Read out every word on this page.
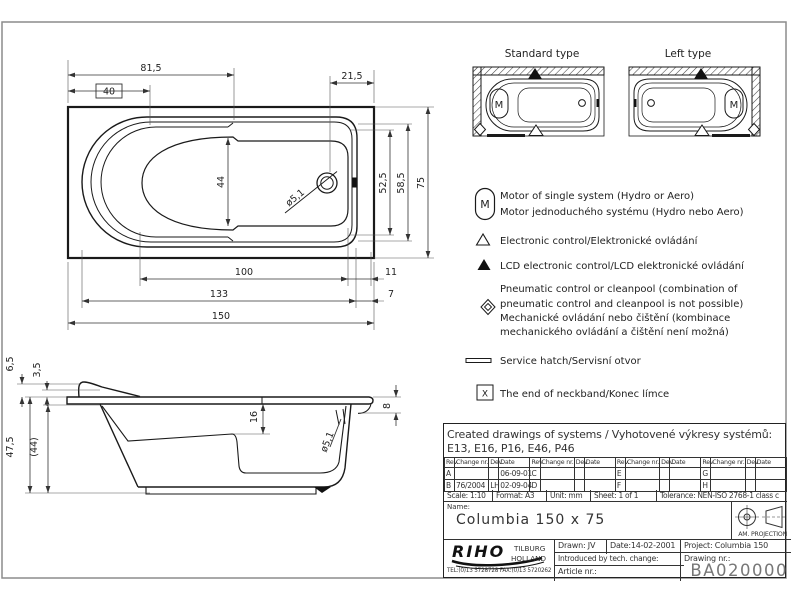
81,5
40
21,5
44
ø5,1
52,5 58,5 75
100	11
133	7
150
6,5 3,5
47,5 (44)
16
8
ø5,1
Standard type
M
Left type
M
M
Motor of single system (Hydro or Aero)
Motor jednoduchého systému (Hydro nebo Aero)
Electronic control/Elektronické ovládání
LCD electronic control/LCD elektronické ovládání
Pneumatic control or cleanpool (combination of
pneumatic control and cleanpool is not possible)
Mechanické ovládání nebo čištění (kombinace
mechanického ovládání a čištění není možná)
Service hatch/Servisní otvor
X The end of neckband/Konec límce
Created drawings of systems / Vyhotovené výkresy systémů:
E13, E16, P16, E46, P46
Rev.	Change nr.	Dev.	Date	Rev.	Change nr.	Dev.	Date	Rev.	Change nr.	Dev.	Date	Rev.	Change nr.	Dev.	Date
A			06-09-01	C				E				G			
B	76/2004	LH	02-09-04	D				F				H			
Scale: 1:10	Format: A3	Unit: mm	Sheet: 1 of 1	Tolerance: NEN-ISO 2768-1 class c
Name:
Columbia 150 x 75
AM. PROJECTION
RIHO TILBURG
HOLLAND
TEL:(0)13 5728728 FAX:(0)13 5720262
Drawn: JV	Date:14-02-2001	Project: Columbia 150
Introduced by tech. change:
Article nr.:
Drawing nr.:
BA020000
